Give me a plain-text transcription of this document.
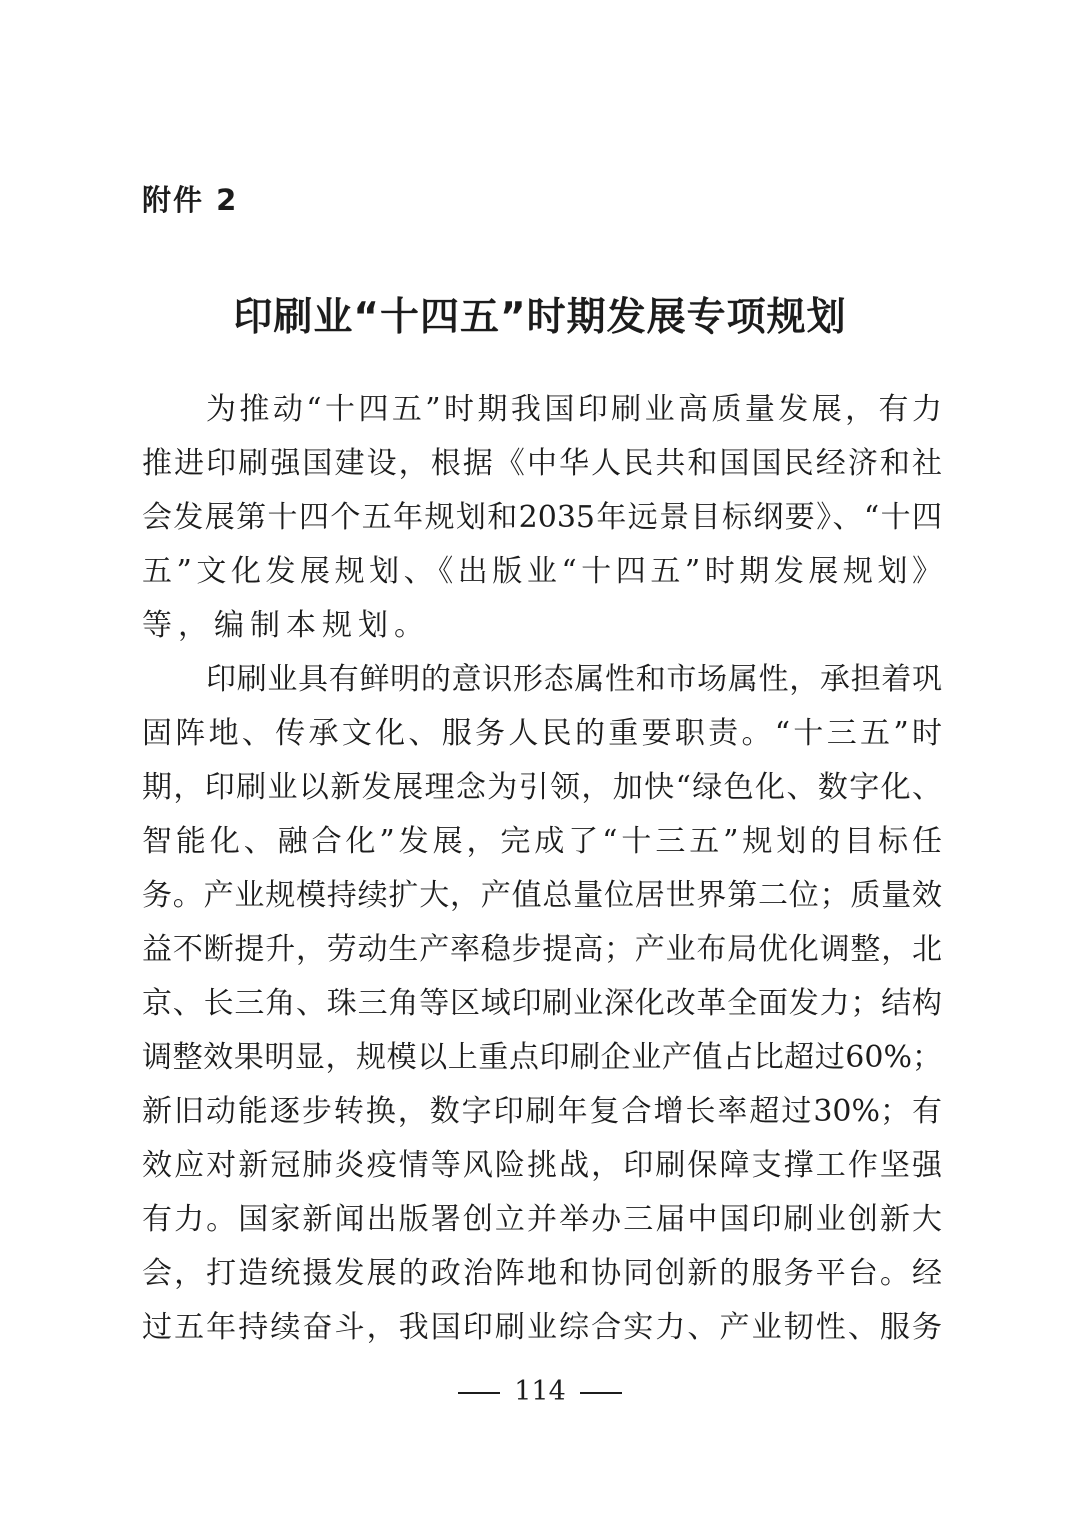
附件 2
印刷业“十四五”时期发展专项规划
为推动“十四五”时期我国印刷业高质量发展，有力
推进印刷强国建设，根据《中华人民共和国国民经济和社
会发展第十四个五年规划和2035年远景目标纲要》、“十四
五”文化发展规划、《出版业“十四五”时期发展规划》
等，编制本规划。
印刷业具有鲜明的意识形态属性和市场属性，承担着巩
固阵地、传承文化、服务人民的重要职责。“十三五”时
期，印刷业以新发展理念为引领，加快“绿色化、数字化、
智能化、融合化”发展，完成了“十三五”规划的目标任
务。产业规模持续扩大，产值总量位居世界第二位；质量效
益不断提升，劳动生产率稳步提高；产业布局优化调整，北
京、长三角、珠三角等区域印刷业深化改革全面发力；结构
调整效果明显，规模以上重点印刷企业产值占比超过60%；
新旧动能逐步转换，数字印刷年复合增长率超过30%；有
效应对新冠肺炎疫情等风险挑战，印刷保障支撑工作坚强
有力。国家新闻出版署创立并举办三届中国印刷业创新大
会，打造统摄发展的政治阵地和协同创新的服务平台。经
过五年持续奋斗，我国印刷业综合实力、产业韧性、服务
114
